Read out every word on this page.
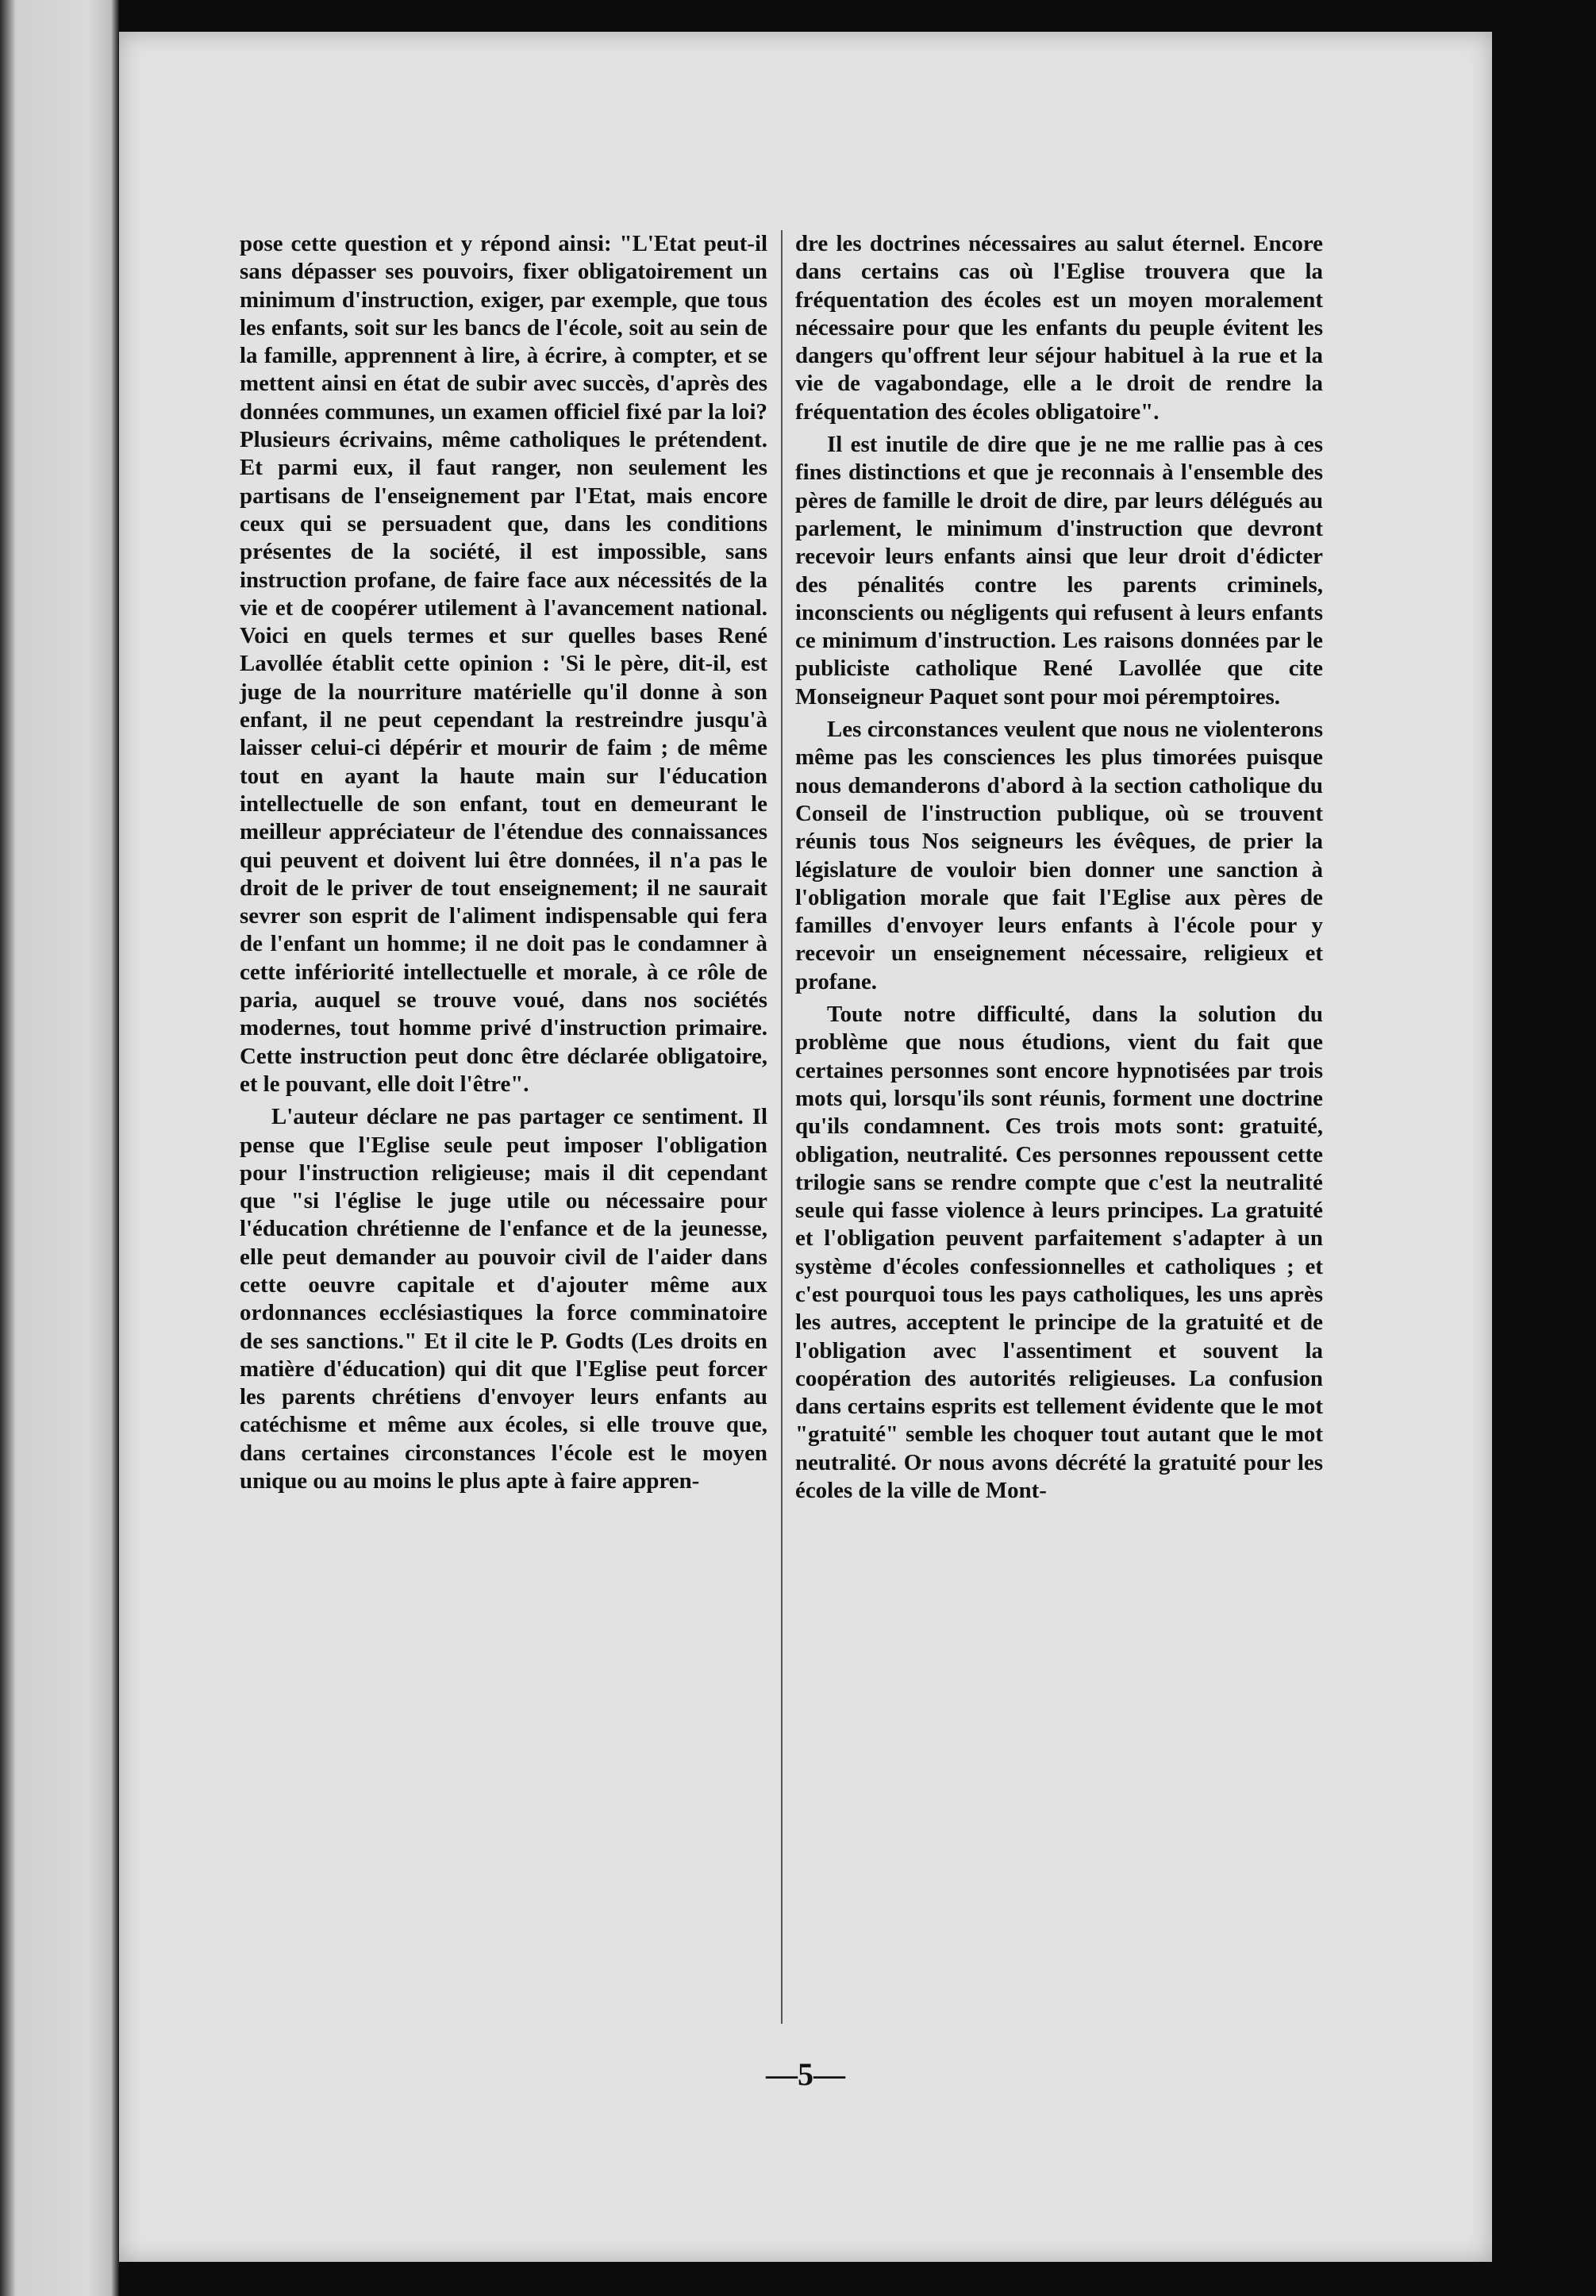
pose cette question et y répond ainsi: "L'Etat peut-il sans dépasser ses pouvoirs, fixer obligatoirement un minimum d'instruction, exiger, par exemple, que tous les enfants, soit sur les bancs de l'école, soit au sein de la famille, apprennent à lire, à écrire, à compter, et se mettent ainsi en état de subir avec succès, d'après des données communes, un examen officiel fixé par la loi? Plusieurs écrivains, même catholiques le prétendent. Et parmi eux, il faut ranger, non seulement les partisans de l'enseignement par l'Etat, mais encore ceux qui se persuadent que, dans les conditions présentes de la société, il est impossible, sans instruction profane, de faire face aux nécessités de la vie et de coopérer utilement à l'avancement national. Voici en quels termes et sur quelles bases René Lavollée établit cette opinion : 'Si le père, dit-il, est juge de la nourriture matérielle qu'il donne à son enfant, il ne peut cependant la restreindre jusqu'à laisser celui-ci dépérir et mourir de faim ; de même tout en ayant la haute main sur l'éducation intellectuelle de son enfant, tout en demeurant le meilleur appréciateur de l'étendue des connaissances qui peuvent et doivent lui être données, il n'a pas le droit de le priver de tout enseignement; il ne saurait sevrer son esprit de l'aliment indispensable qui fera de l'enfant un homme; il ne doit pas le condamner à cette infériorité intellectuelle et morale, à ce rôle de paria, auquel se trouve voué, dans nos sociétés modernes, tout homme privé d'instruction primaire. Cette instruction peut donc être déclarée obligatoire, et le pouvant, elle doit l'être".

L'auteur déclare ne pas partager ce sentiment. Il pense que l'Eglise seule peut imposer l'obligation pour l'instruction religieuse; mais il dit cependant que "si l'église le juge utile ou nécessaire pour l'éducation chrétienne de l'enfance et de la jeunesse, elle peut demander au pouvoir civil de l'aider dans cette oeuvre capitale et d'ajouter même aux ordonnances ecclésiastiques la force comminatoire de ses sanctions." Et il cite le P. Godts (Les droits en matière d'éducation) qui dit que l'Eglise peut forcer les parents chrétiens d'envoyer leurs enfants au catéchisme et même aux écoles, si elle trouve que, dans certaines circonstances l'école est le moyen unique ou au moins le plus apte à faire appren-

dre les doctrines nécessaires au salut éternel. Encore dans certains cas où l'Eglise trouvera que la fréquentation des écoles est un moyen moralement nécessaire pour que les enfants du peuple évitent les dangers qu'offrent leur séjour habituel à la rue et la vie de vagabondage, elle a le droit de rendre la fréquentation des écoles obligatoire".

Il est inutile de dire que je ne me rallie pas à ces fines distinctions et que je reconnais à l'ensemble des pères de famille le droit de dire, par leurs délégués au parlement, le minimum d'instruction que devront recevoir leurs enfants ainsi que leur droit d'édicter des pénalités contre les parents criminels, inconscients ou négligents qui refusent à leurs enfants ce minimum d'instruction. Les raisons données par le publiciste catholique René Lavollée que cite Monseigneur Paquet sont pour moi péremptoires.

Les circonstances veulent que nous ne violenterons même pas les consciences les plus timorées puisque nous demanderons d'abord à la section catholique du Conseil de l'instruction publique, où se trouvent réunis tous Nos seigneurs les évêques, de prier la législature de vouloir bien donner une sanction à l'obligation morale que fait l'Eglise aux pères de familles d'envoyer leurs enfants à l'école pour y recevoir un enseignement nécessaire, religieux et profane.

Toute notre difficulté, dans la solution du problème que nous étudions, vient du fait que certaines personnes sont encore hypnotisées par trois mots qui, lorsqu'ils sont réunis, forment une doctrine qu'ils condamnent. Ces trois mots sont: gratuité, obligation, neutralité. Ces personnes repoussent cette trilogie sans se rendre compte que c'est la neutralité seule qui fasse violence à leurs principes. La gratuité et l'obligation peuvent parfaitement s'adapter à un système d'écoles confessionnelles et catholiques ; et c'est pourquoi tous les pays catholiques, les uns après les autres, acceptent le principe de la gratuité et de l'obligation avec l'assentiment et souvent la coopération des autorités religieuses. La confusion dans certains esprits est tellement évidente que le mot "gratuité" semble les choquer tout autant que le mot neutralité. Or nous avons décrété la gratuité pour les écoles de la ville de Mont-

—5—
